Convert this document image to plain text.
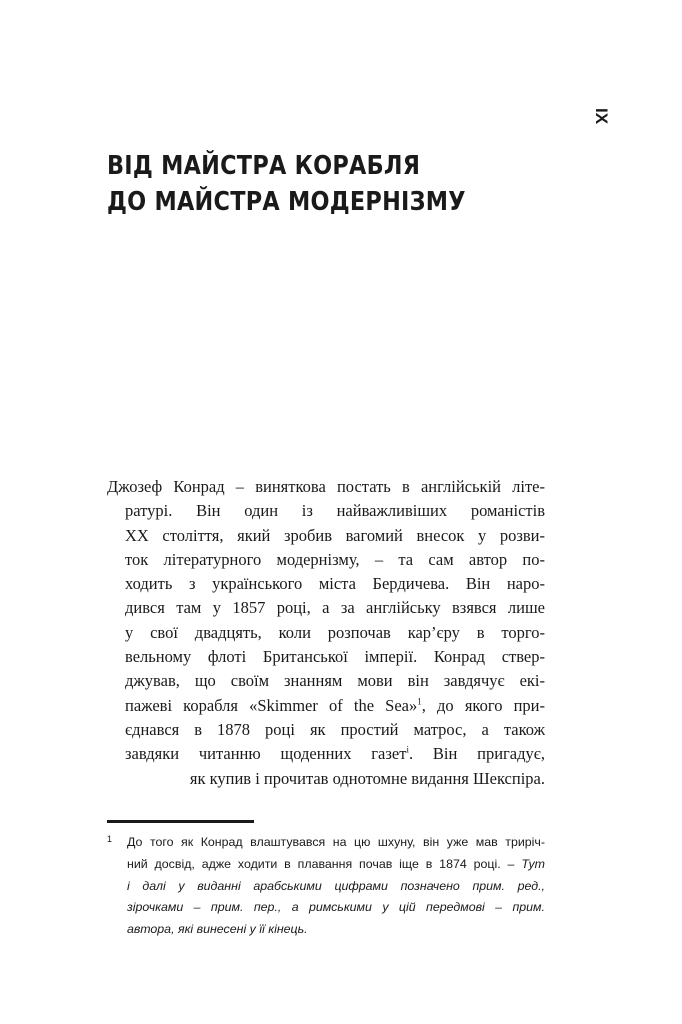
IX
ВІД МАЙСТРА КОРАБЛЯ
ДО МАЙСТРА МОДЕРНІЗМУ
Джозеф Конрад – виняткова постать в англійській літе-
ратурі. Він один із найважливіших романістів
XX століття, який зробив вагомий внесок у розви-
ток літературного модернізму, – та сам автор по-
ходить з українського міста Бердичева. Він наро-
дився там у 1857 році, а за англійську взявся лише
у свої двадцять, коли розпочав кар’єру в торго-
вельному флоті Британської імперії. Конрад ствер-
джував, що своїм знанням мови він завдячує екі-
пажеві корабля «Skimmer of the Sea»$^1$, до якого при-
єднався в 1878 році як простий матрос, а також
завдяки читанню щоденних газет$^i$. Він пригадує,
як купив і прочитав однотомне видання Шекспіра.
1 До того як Конрад влаштувався на цю шхуну, він уже мав триріч-
ний досвід, адже ходити в плавання почав іще в 1874 році. – Тут
і далі у виданні арабськими цифрами позначено прим. ред.,
зірочками – прим. пер., а римськими у цій передмові – прим.
автора, які винесені у її кінець.
